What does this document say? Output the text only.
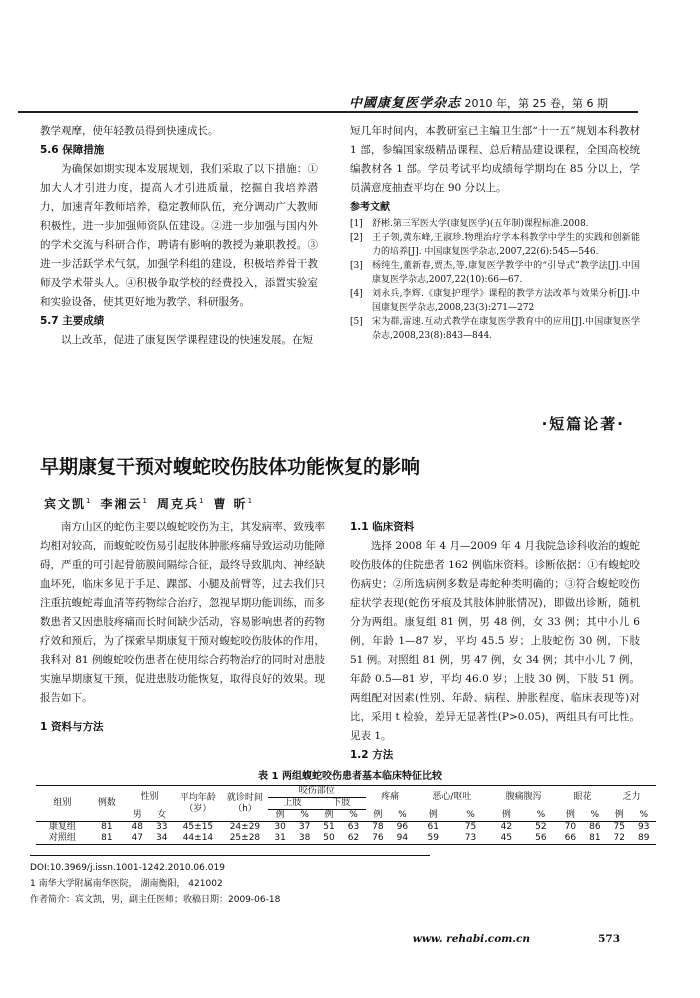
中國康复医学杂志 2010 年，第 25 卷，第 6 期

教学观摩，使年轻教员得到快速成长。

5.6 保障措施

为确保如期实现本发展规划，我们采取了以下措施：①加大人才引进力度，提高人才引进质量，挖掘自我培养潜力，加速青年教师培养，稳定教师队伍，充分调动广大教师积极性，进一步加强师资队伍建设。②进一步加强与国内外的学术交流与科研合作，聘请有影响的教授为兼职教授。③进一步活跃学术气氛，加强学科组的建设，积极培养骨干教师及学术带头人。④积极争取学校的经费投入，添置实验室和实验设备，使其更好地为教学、科研服务。

5.7 主要成绩

以上改革，促进了康复医学课程建设的快速发展。在短

短几年时间内，本教研室已主编卫生部“十一五”规划本科教材 1 部，参编国家级精品课程、总后精品建设课程，全国高校统编教材各 1 部。学员考试平均成绩每学期均在 85 分以上，学员满意度抽查平均在 90 分以上。

参考文献

[1]	舒彬.第三军医大学(康复医学)(五年制)课程标准.2008.
[2]	王子领,黄东峰,王淑珍.物理治疗学本科教学中学生的实践和创新能力的培养[J]. 中国康复医学杂志,2007,22(6):545—546.
[3]	杨纯生,董新春,贾杰,等.康复医学教学中的“引导式”教学法[J].中国康复医学杂志,2007,22(10):66—67.
[4]	刘永兵,李辉.《康复护理学》课程的教学方法改革与效果分析[J].中国康复医学杂志,2008,23(3):271—272
[5]	宋为群,雷速.互动式教学在康复医学教育中的应用[J].中国康复医学杂志,2008,23(8):843—844.
·短篇论著·
早期康复干预对蝮蛇咬伤肢体功能恢复的影响
宾文凯$^1$ 李湘云$^1$ 周克兵$^1$ 曹 昕$^1$

南方山区的蛇伤主要以蝮蛇咬伤为主，其发病率、致残率均相对较高，而蝮蛇咬伤易引起肢体肿胀疼痛导致运动功能障碍，严重的可引起骨筋膜间隔综合征，最终导致肌肉、神经缺血坏死，临床多见于手足、踝部、小腿及前臂等，过去我们只注重抗蝮蛇毒血清等药物综合治疗，忽视早期功能训练，而多数患者又因患肢疼痛而长时间缺少活动，容易影响患者的药物疗效和预后，为了探索早期康复干预对蝮蛇咬伤肢体的作用，我科对 81 例蝮蛇咬伤患者在使用综合药物治疗的同时对患肢实施早期康复干预，促进患肢功能恢复，取得良好的效果。现报告如下。

1 资料与方法

1.1 临床资料

选择 2008 年 4 月—2009 年 4 月我院急诊科收治的蝮蛇咬伤肢体的住院患者 162 例临床资料。诊断依据：①有蝮蛇咬伤病史；②所选病例多数是毒蛇种类明确的；③符合蝮蛇咬伤症状学表现(蛇伤牙痕及其肢体肿胀情况)，即做出诊断，随机分为两组。康复组 81 例，男 48 例，女 33 例；其中小儿 6 例，年龄 1—87 岁，平均 45.5 岁；上肢蛇伤 30 例，下肢 51 例。对照组 81 例，男 47 例，女 34 例；其中小儿 7 例，年龄 0.5—81 岁，平均 46.0 岁；上肢 30 例，下肢 51 例。两组配对因素(性别、年龄、病程、肿胀程度、临床表现等)对比，采用 t 检验，差异无显著性(P>0.05)，两组具有可比性。见表 1。

1.2 方法

表 1 两组蝮蛇咬伤患者基本临床特征比较
组别	例数	性别		平均年龄（岁）	就诊时间（h）	咬伤部位				疼痛		恶心/呕吐		腹痛腹泻		眼花		乏力	
						上肢		下肢											
		男	女			例	%	例	%	例	%	例	%	例	%	例	%	例	%
康复组	81	48	33	45±15	24±29	30	37	51	63	78	96	61	75	42	52	70	86	75	93
对照组	81	47	34	44±14	25±28	31	38	50	62	76	94	59	73	45	56	66	81	72	89
DOI:10.3969/j.issn.1001-1242.2010.06.019
1 南华大学附属南华医院， 湖南衡阳， 421002
作者简介：宾文凯，男，副主任医师；收稿日期：2009-06-18
www. rehabi.com.cn	573
